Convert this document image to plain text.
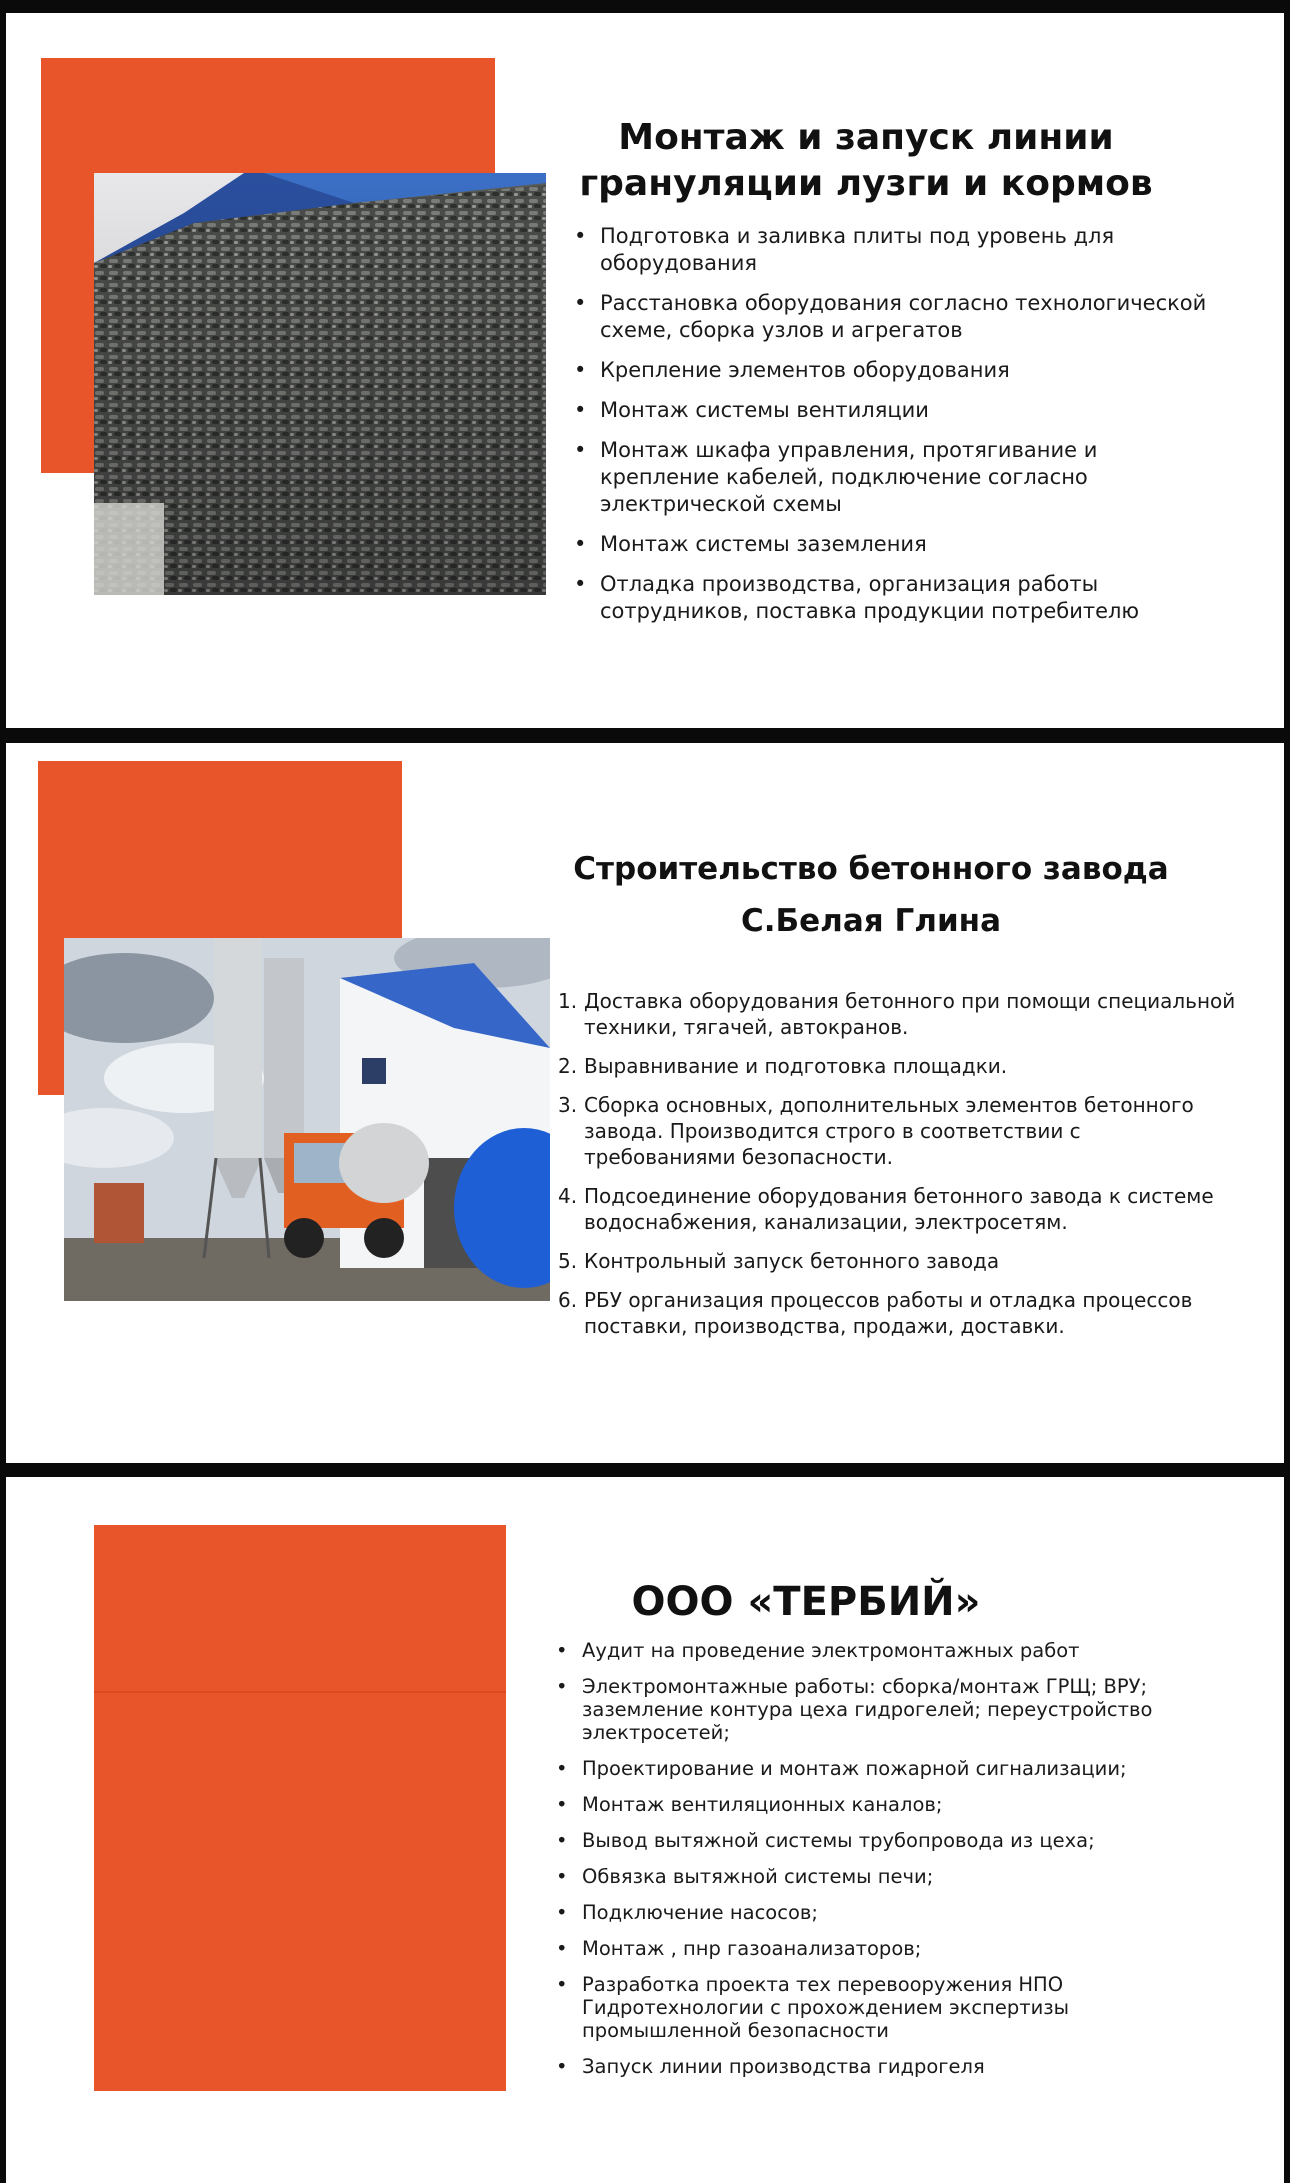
Монтаж и запуск линии
грануляции лузги и кормов
• Подготовка и заливка плиты под уровень для оборудования
• Расстановка оборудования согласно технологической схеме, сборка узлов и агрегатов
• Крепление элементов оборудования
• Монтаж системы вентиляции
• Монтаж шкафа управления, протягивание и крепление кабелей, подключение согласно электрической схемы
• Монтаж системы заземления
• Отладка производства, организация работы сотрудников, поставка продукции потребителю
Строительство бетонного завода
С.Белая Глина
1. Доставка оборудования бетонного при помощи специальной техники, тягачей, автокранов.
2. Выравнивание и подготовка площадки.
3. Сборка основных, дополнительных элементов бетонного завода. Производится строго в соответствии с требованиями безопасности.
4. Подсоединение оборудования бетонного завода к системе водоснабжения, канализации, электросетям.
5. Контрольный запуск бетонного завода
6. РБУ организация процессов работы и отладка процессов поставки, производства, продажи, доставки.
ООО «ТЕРБИЙ»
• Аудит на проведение электромонтажных работ
• Электромонтажные работы: сборка/монтаж ГРЩ; ВРУ; заземление контура цеха гидрогелей; переустройство электросетей;
• Проектирование и монтаж пожарной сигнализации;
• Монтаж вентиляционных каналов;
• Вывод вытяжной системы трубопровода из цеха;
• Обвязка вытяжной системы печи;
• Подключение насосов;
• Монтаж , пнр газоанализаторов;
• Разработка проекта тех перевооружения НПО Гидротехнологии с прохождением экспертизы промышленной безопасности
• Запуск линии производства гидрогеля
